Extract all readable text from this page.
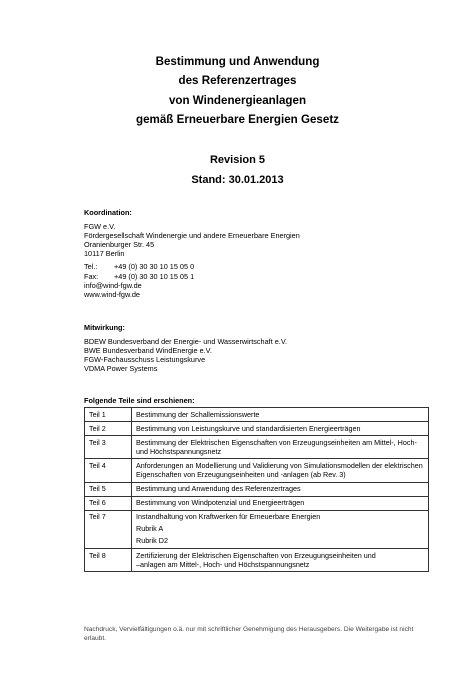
Bestimmung und Anwendung
des Referenzertrages
von Windenergieanlagen
gemäß Erneuerbare Energien Gesetz
Revision 5
Stand: 30.01.2013
Koordination:
FGW e.V.
Fördergesellschaft Windenergie und andere Erneuerbare Energien
Oranienburger Str. 45
10117 Berlin
Tel.: +49 (0) 30 30 10 15 05 0
Fax: +49 (0) 30 30 10 15 05 1
info@wind-fgw.de
www.wind-fgw.de
Mitwirkung:
BDEW Bundesverband der Energie- und Wasserwirtschaft e.V.
BWE Bundesverband WindEnergie e.V.
FGW-Fachausschuss Leistungskurve
VDMA Power Systems
Folgende Teile sind erschienen:
Teil 1	Bestimmung der Schallemissionswerte
Teil 2	Bestimmung von Leistungskurve und standardisierten Energieerträgen
Teil 3	Bestimmung der Elektrischen Eigenschaften von Erzeugungseinheiten am Mittel-, Hoch- und Höchstspannungsnetz
Teil 4	Anforderungen an Modellierung und Validierung von Simulationsmodellen der elektrischen Eigenschaften von Erzeugungseinheiten und -anlagen (ab Rev. 3)
Teil 5	Bestimmung und Anwendung des Referenzertrages
Teil 6	Bestimmung von Windpotenzial und Energieerträgen
Teil 7	Instandhaltung von Kraftwerken für Erneuerbare Energien
Rubrik A
Rubrik D2

Teil 8	Zertifizierung der Elektrischen Eigenschaften von Erzeugungseinheiten und
–anlagen am Mittel-, Hoch- und Höchstspannungsnetz
Nachdruck, Vervielfältigungen o.ä. nur mit schriftlicher Genehmigung des Herausgebers. Die Weitergabe ist nicht erlaubt.
